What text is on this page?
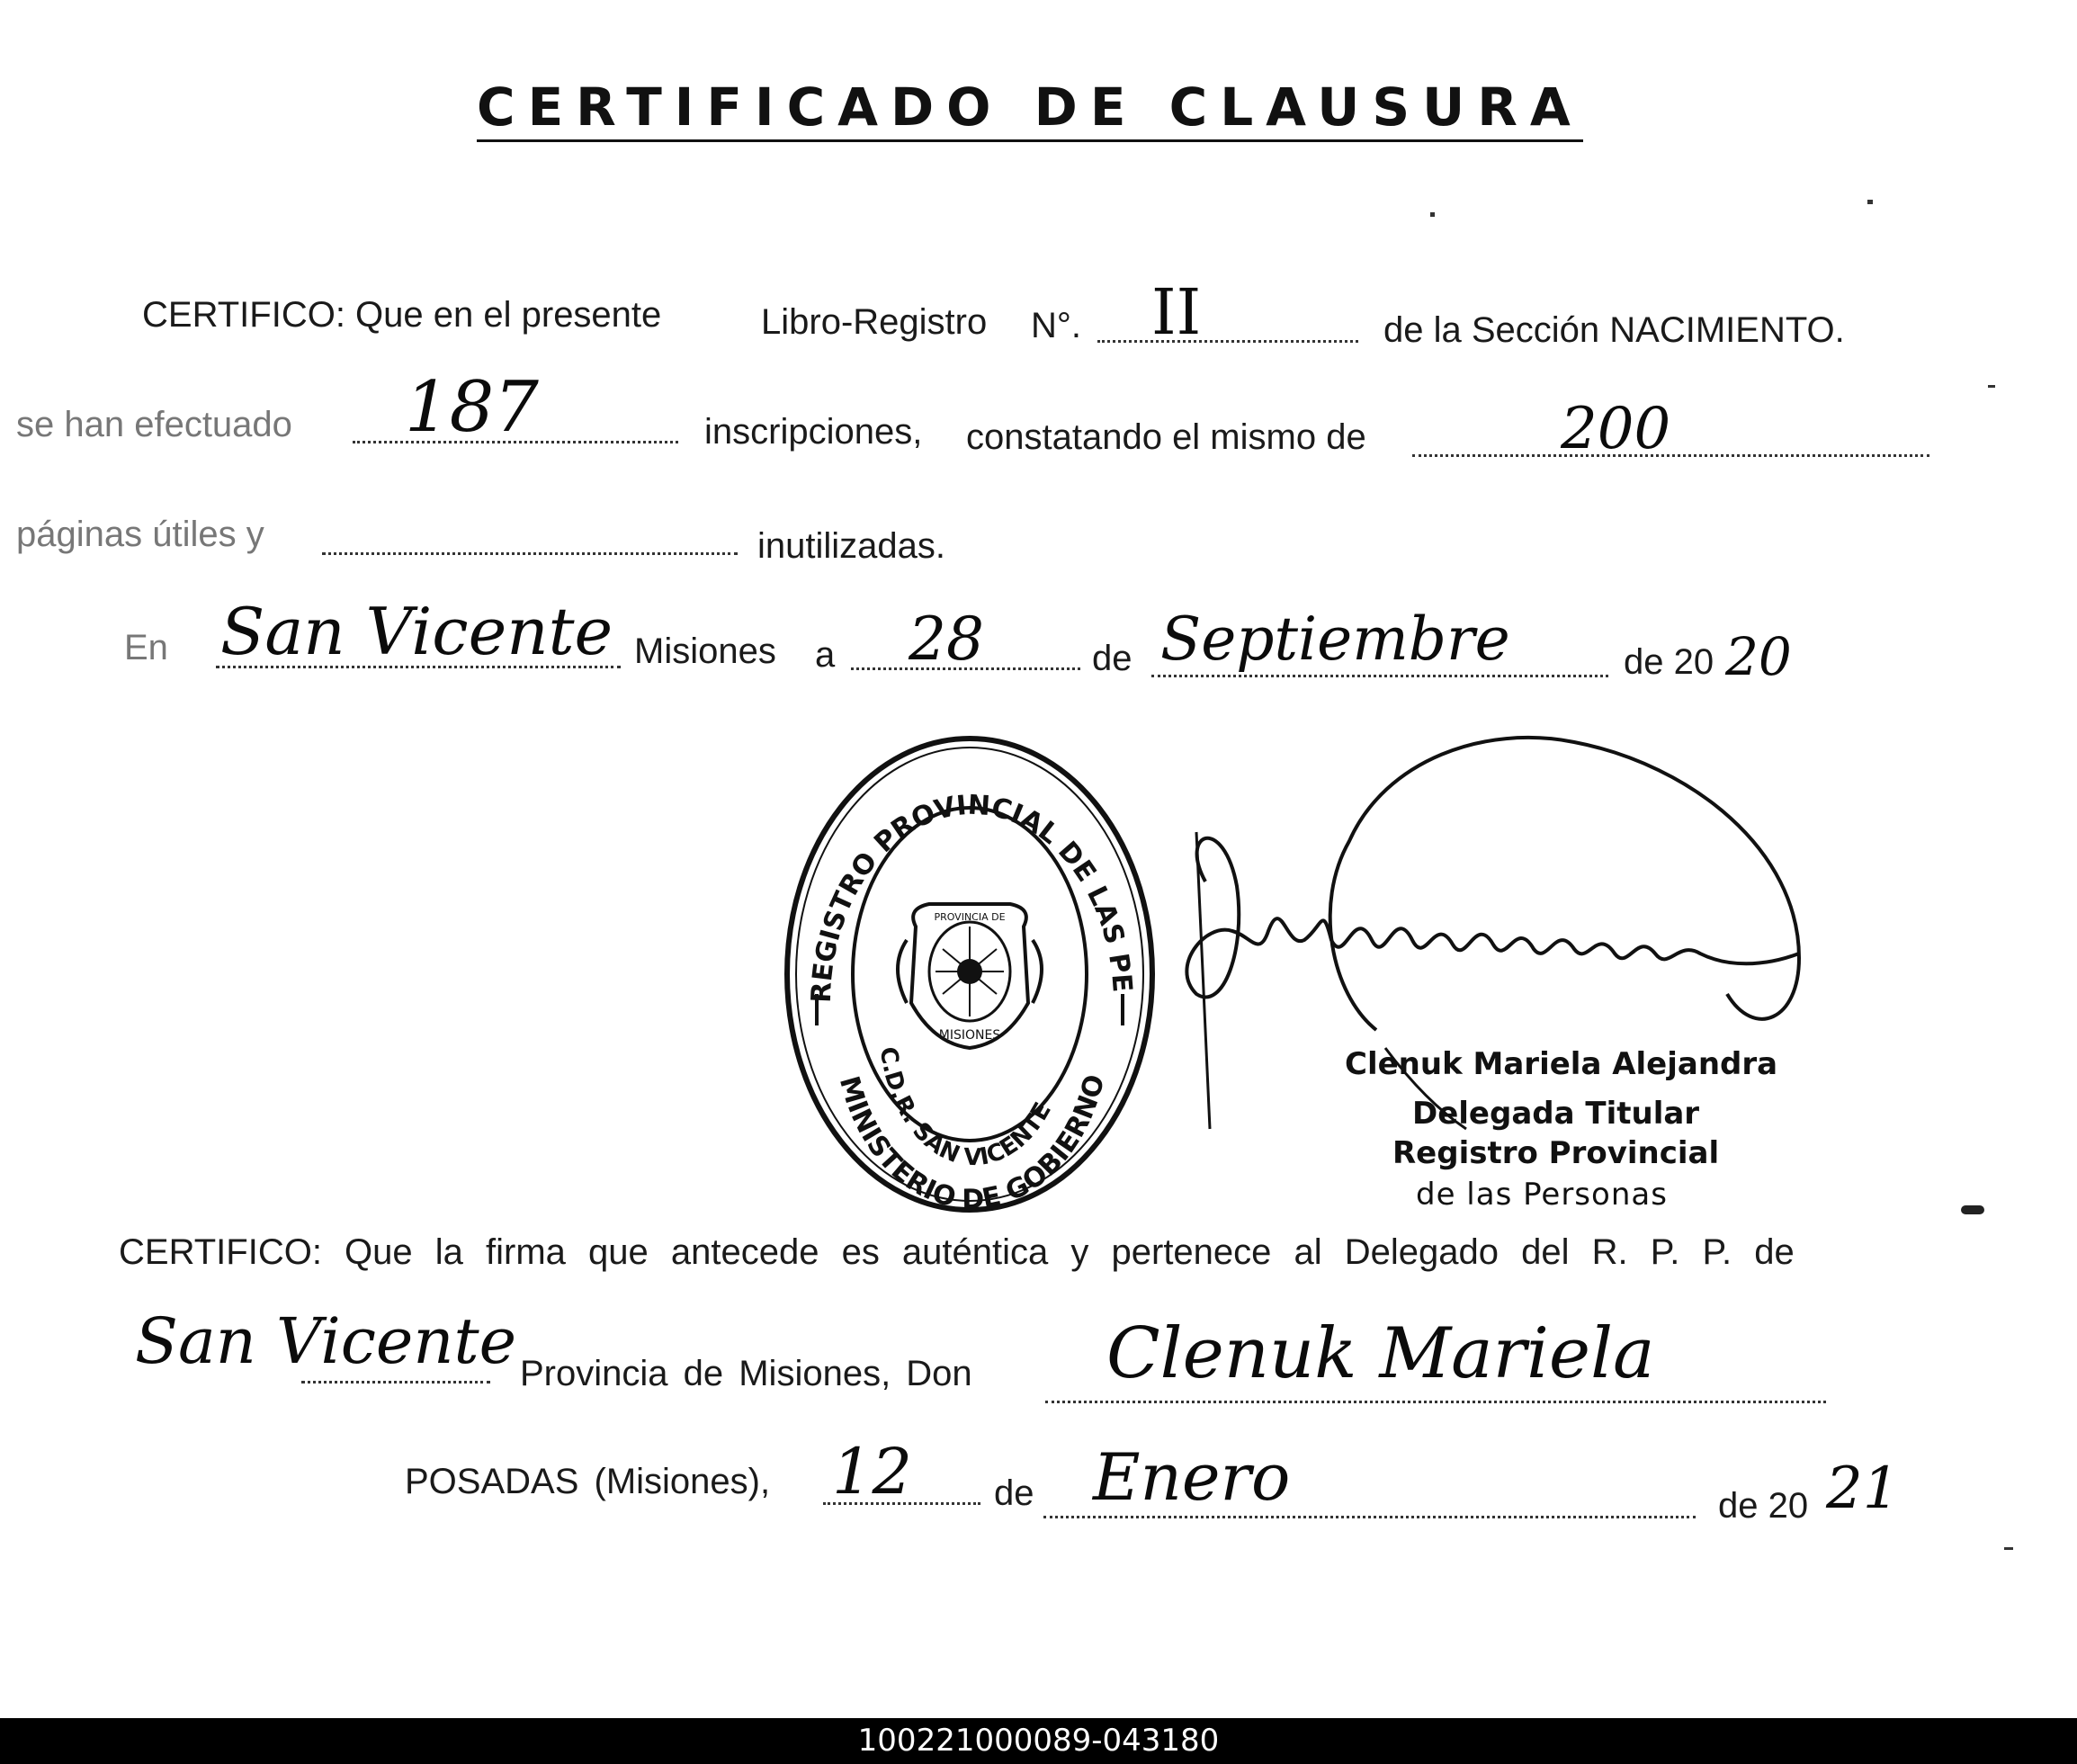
CERTIFICADO DE CLAUSURA
CERTIFICO: Que en el presente	Libro-Registro N°. II	de la Sección NACIMIENTO.
se han efectuado 187	inscripciones, constatando el mismo de	200
páginas útiles y	inutilizadas.
En San Vicente Misiones a 28	de Septiembre	de 20 20
REGISTRO PROVINCIAL DE LAS PE
MINISTERIO DE GOBIERNO
C.D.R. SAN VICENTE
PROVINCIA DE
MISIONES
Clenuk Mariela Alejandra
Delegada Titular
Registro Provincial
de las Personas
CERTIFICO: Que la firma que antecede es auténtica y pertenece al Delegado del R. P. P. de
San Vicente Provincia de Misiones, Don Clenuk Mariela
POSADAS (Misiones), 12 de Enero	de 20 21
100221000089-043180
